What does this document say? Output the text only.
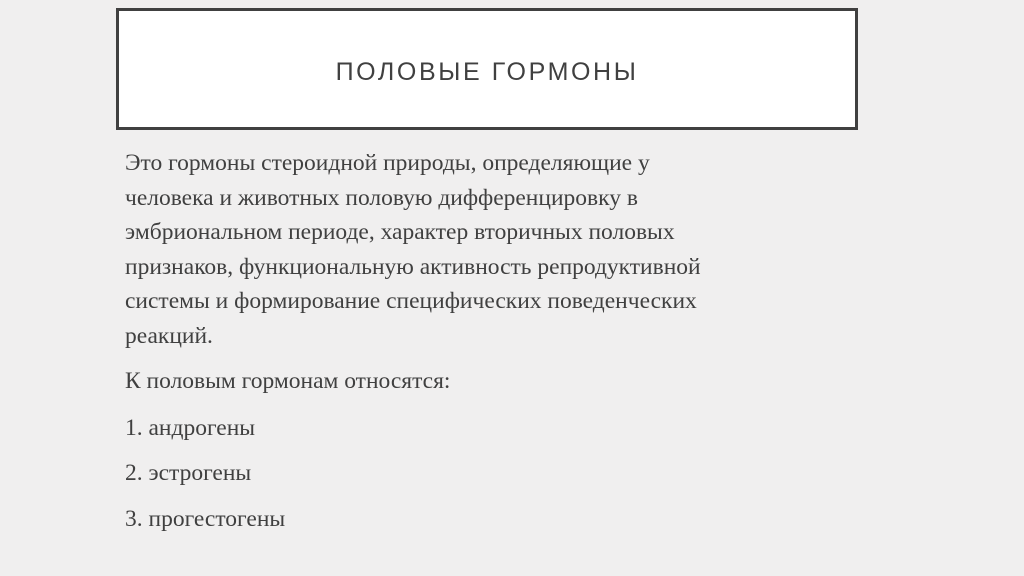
ПОЛОВЫЕ ГОРМОНЫ

Это гормоны стероидной природы, определяющие у
человека и животных половую дифференцировку в
эмбриональном периоде, характер вторичных половых
признаков, функциональную активность репродуктивной
системы и формирование специфических поведенческих
реакций.

К половым гормонам относятся:

1. андрогены
2. эстрогены
3. прогестогены
